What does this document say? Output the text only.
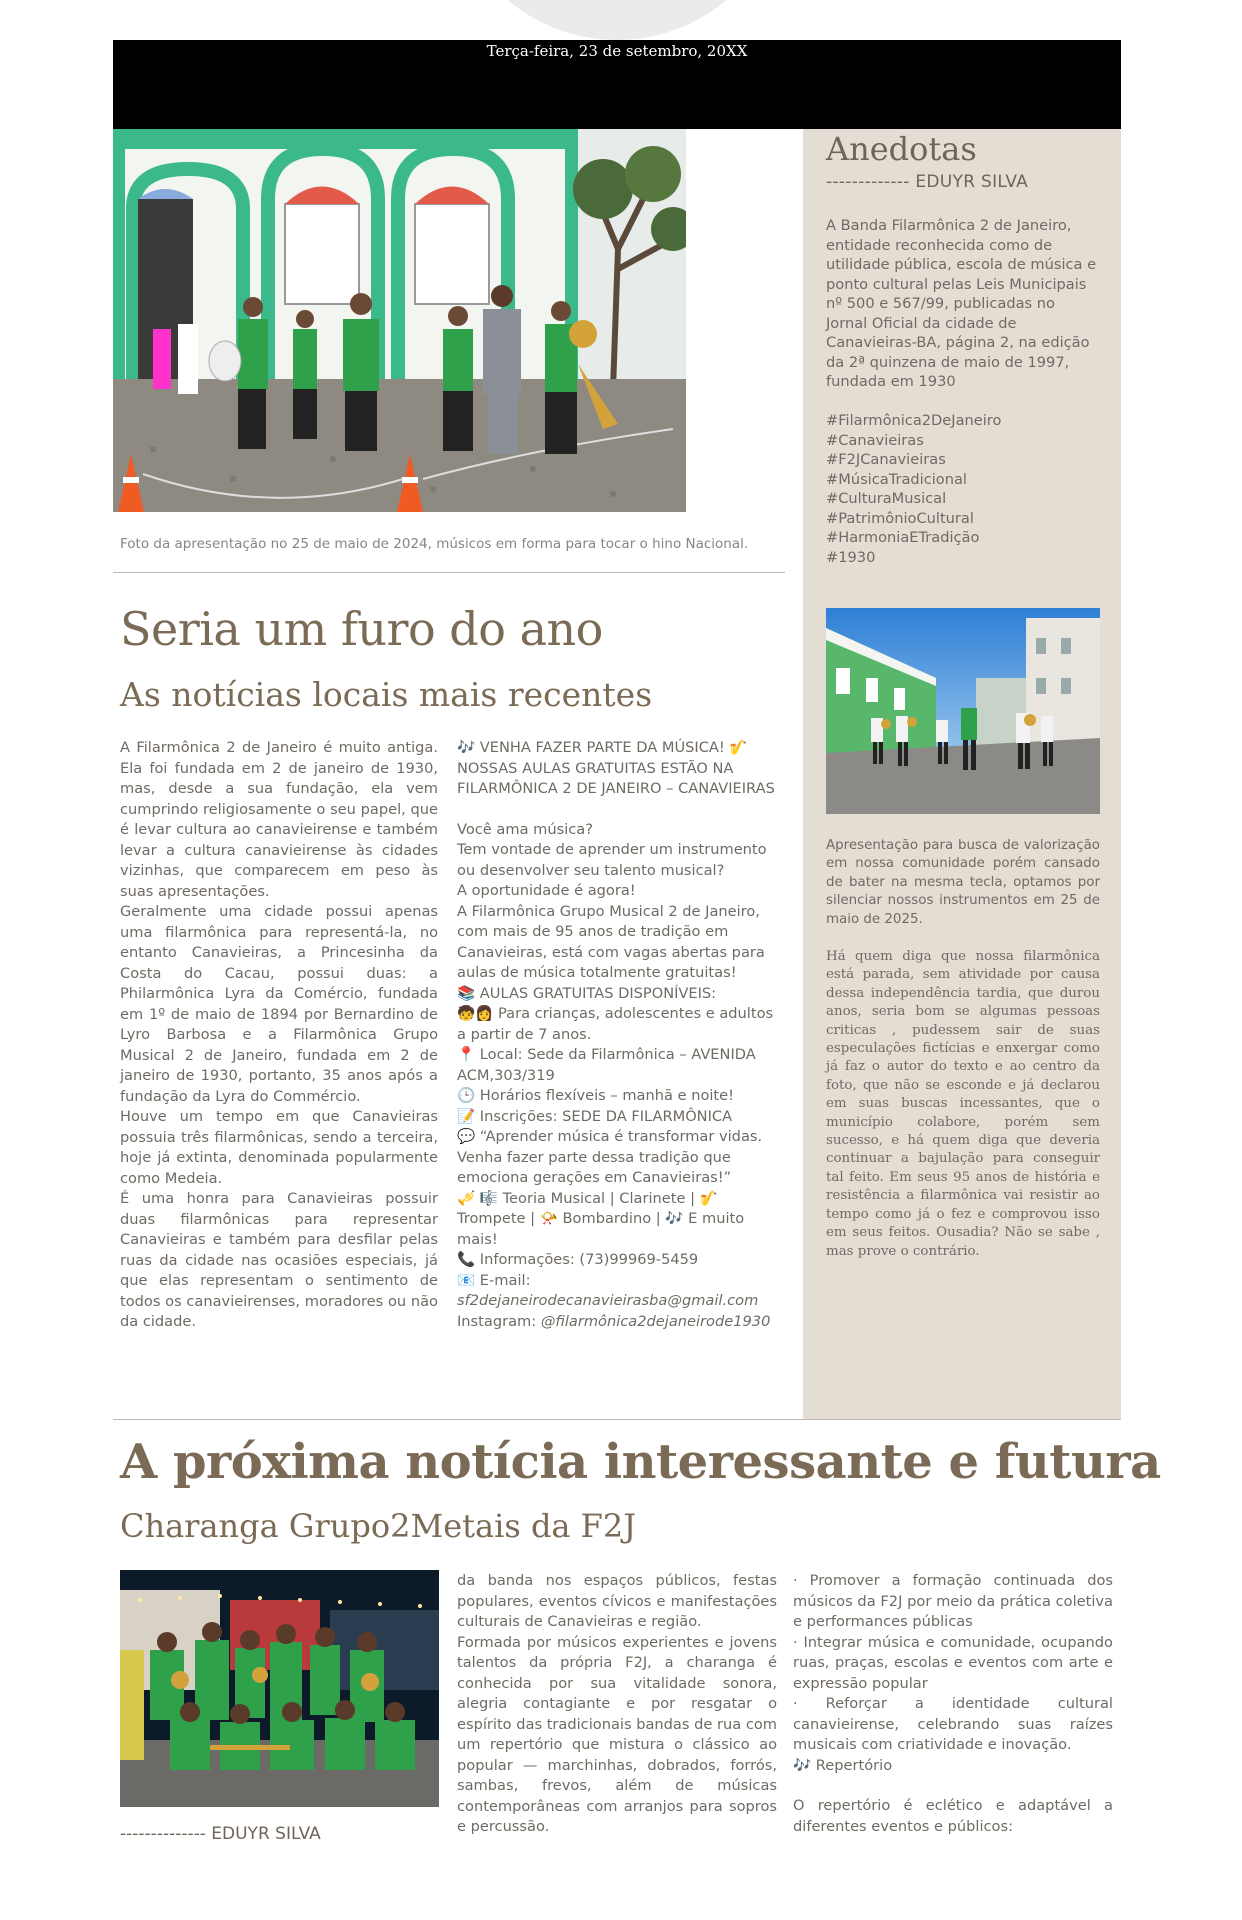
Terça-feira, 23 de setembro, 20XX
Anedotas
------------- EDUYR SILVA
A Banda Filarmônica 2 de Janeiro, entidade reconhecida como de utilidade pública, escola de música e ponto cultural pelas Leis Municipais nº 500 e 567/99, publicadas no Jornal Oficial da cidade de Canavieiras-BA, página 2, na edição da 2ª quinzena de maio de 1997, fundada em 1930
#Filarmônica2DeJaneiro
#Canavieiras
#F2JCanavieiras
#MúsicaTradicional
#CulturaMusical
#PatrimônioCultural
#HarmoniaETradição
#1930
Apresentação para busca de valorização em nossa comunidade porém cansado de bater na mesma tecla, optamos por silenciar nossos instrumentos em 25 de maio de 2025.
Há quem diga que nossa filarmônica está parada, sem atividade por causa dessa independência tardia, que durou anos, seria bom se algumas pessoas criticas , pudessem sair de suas especulações fictícias e enxergar como já faz o autor do texto e ao centro da foto, que não se esconde e já declarou em suas buscas incessantes, que o município colabore, porém sem sucesso, e há quem diga que deveria continuar a bajulação para conseguir tal feito. Em seus 95 anos de história e resistência a filarmônica vai resistir ao tempo como já o fez e comprovou isso em seus feitos. Ousadia? Não se sabe , mas prove o contrário.
Foto da apresentação no 25 de maio de 2024, músicos em forma para tocar o hino Nacional.
Seria um furo do ano
As notícias locais mais recentes
A Filarmônica 2 de Janeiro é muito antiga. Ela foi fundada em 2 de janeiro de 1930, mas, desde a sua fundação, ela vem cumprindo religiosamente o seu papel, que é levar cultura ao canavieirense e também levar a cultura canavieirense às cidades vizinhas, que comparecem em peso às suas apresentações.
Geralmente uma cidade possui apenas uma filarmônica para representá-la, no entanto Canavieiras, a Princesinha da Costa do Cacau, possui duas: a Philarmônica Lyra da Comércio, fundada em 1º de maio de 1894 por Bernardino de Lyro Barbosa e a Filarmônica Grupo Musical 2 de Janeiro, fundada em 2 de janeiro de 1930, portanto, 35 anos após a fundação da Lyra do Commércio.
Houve um tempo em que Canavieiras possuia três filarmônicas, sendo a terceira, hoje já extinta, denominada popularmente como Medeia.
É uma honra para Canavieiras possuir duas filarmônicas para representar Canavieiras e também para desfilar pelas ruas da cidade nas ocasiões especiais, já que elas representam o sentimento de todos os canavieirenses, moradores ou não da cidade.
🎶 VENHA FAZER PARTE DA MÚSICA! 🎷 NOSSAS AULAS GRATUITAS ESTÃO NA FILARMÔNICA 2 DE JANEIRO – CANAVIEIRAS
Você ama música?
Tem vontade de aprender um instrumento ou desenvolver seu talento musical?
A oportunidade é agora!
A Filarmônica Grupo Musical 2 de Janeiro, com mais de 95 anos de tradição em Canavieiras, está com vagas abertas para aulas de música totalmente gratuitas!
📚 AULAS GRATUITAS DISPONÍVEIS:
🧒👩 Para crianças, adolescentes e adultos a partir de 7 anos.
📍 Local: Sede da Filarmônica – AVENIDA ACM,303/319
🕒 Horários flexíveis – manhã e noite!
📝 Inscrições: SEDE DA FILARMÔNICA
💬 “Aprender música é transformar vidas.
Venha fazer parte dessa tradição que emociona gerações em Canavieiras!”
🎺 🎼 Teoria Musical | Clarinete | 🎷 Trompete | 📯 Bombardino | 🎶 E muito mais!
📞 Informações: (73)99969-5459
📧 E-mail:
sf2dejaneirodecanavieirasba@gmail.com
Instagram: @filarmônica2dejaneirode1930
A próxima notícia interessante e futura
Charanga Grupo2Metais da F2J
-------------- EDUYR SILVA
da banda nos espaços públicos, festas populares, eventos cívicos e manifestações culturais de Canavieiras e região.
Formada por músicos experientes e jovens talentos da própria F2J, a charanga é conhecida por sua vitalidade sonora, alegria contagiante e por resgatar o espírito das tradicionais bandas de rua com um repertório que mistura o clássico ao popular — marchinhas, dobrados, forrós, sambas, frevos, além de músicas contemporâneas com arranjos para sopros e percussão.
· Promover a formação continuada dos músicos da F2J por meio da prática coletiva e performances públicas
· Integrar música e comunidade, ocupando ruas, praças, escolas e eventos com arte e expressão popular
· Reforçar a identidade cultural canavieirense, celebrando suas raízes musicais com criatividade e inovação.
🎶 Repertório
O repertório é eclético e adaptável a diferentes eventos e públicos:
